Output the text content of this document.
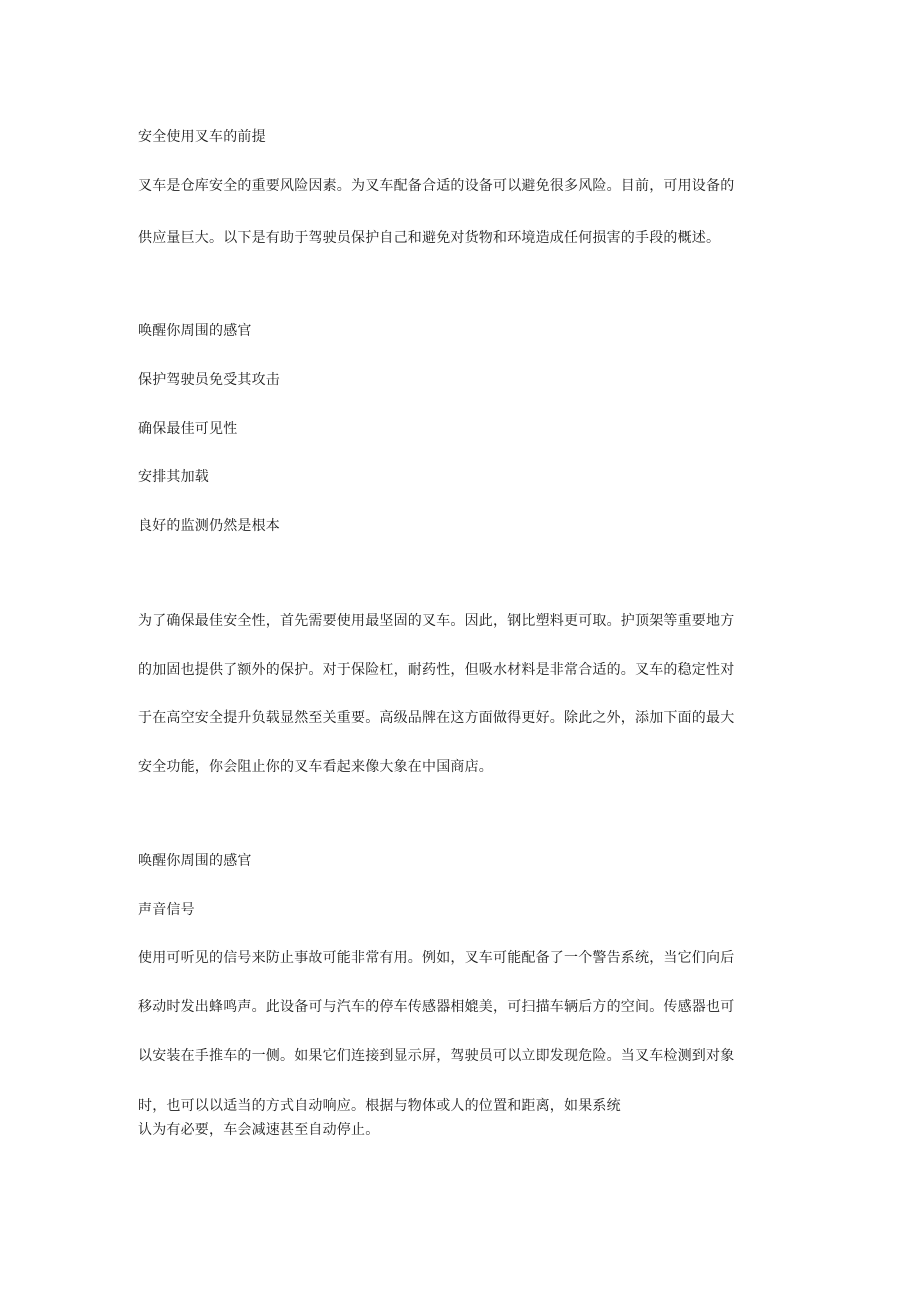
安全使用叉车的前提
叉车是仓库安全的重要风险因素。为叉车配备合适的设备可以避免很多风险。目前，可用设备的
供应量巨大。以下是有助于驾驶员保护自己和避免对货物和环境造成任何损害的手段的概述。
唤醒你周围的感官
保护驾驶员免受其攻击
确保最佳可见性
安排其加载
良好的监测仍然是根本
为了确保最佳安全性，首先需要使用最坚固的叉车。因此，钢比塑料更可取。护顶架等重要地方
的加固也提供了额外的保护。对于保险杠，耐药性，但吸水材料是非常合适的。叉车的稳定性对
于在高空安全提升负载显然至关重要。高级品牌在这方面做得更好。除此之外，添加下面的最大
安全功能，你会阻止你的叉车看起来像大象在中国商店。
唤醒你周围的感官
声音信号
使用可听见的信号来防止事故可能非常有用。例如，叉车可能配备了一个警告系统，当它们向后
移动时发出蜂鸣声。此设备可与汽车的停车传感器相媲美，可扫描车辆后方的空间。传感器也可
以安装在手推车的一侧。如果它们连接到显示屏，驾驶员可以立即发现危险。当叉车检测到对象
时，也可以以适当的方式自动响应。根据与物体或人的位置和距离，如果系统
认为有必要，车会减速甚至自动停止。
